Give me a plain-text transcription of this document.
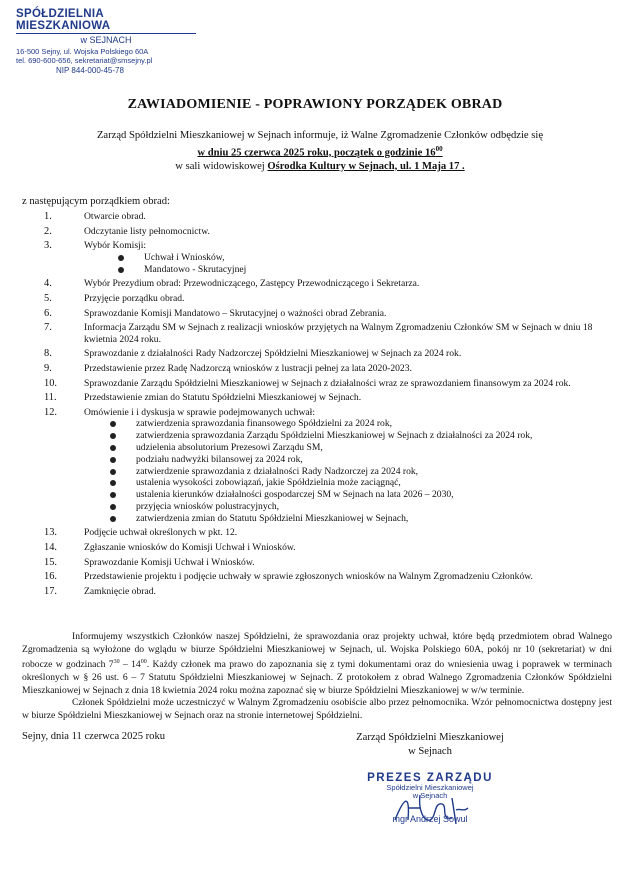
SPÓŁDZIELNIA MIESZKANIOWA
w SEJNACH
16-500 Sejny, ul. Wojska Polskiego 60A
tel. 690-600-656, sekretariat@smsejny.pl
NIP 844-000-45-78
ZAWIADOMIENIE - POPRAWIONY PORZĄDEK OBRAD
Zarząd Spółdzielni Mieszkaniowej w Sejnach informuje, iż Walne Zgromadzenie Członków odbędzie się
w dniu 25 czerwca 2025 roku, początek o godzinie $16^{00}$
w sali widowiskowej Ośrodka Kultury w Sejnach, ul. 1 Maja 17 .
z następującym porządkiem obrad:
1.	Otwarcie obrad.
2.	Odczytanie listy pełnomocnictw.
3.	Wybór Komisji:
Uchwał i Wniosków,
Mandatowo - Skrutacyjnej
4.	Wybór Prezydium obrad: Przewodniczącego, Zastępcy Przewodniczącego i Sekretarza.
5.	Przyjęcie porządku obrad.
6.	Sprawozdanie Komisji Mandatowo – Skrutacyjnej o ważności obrad Zebrania.
7.	Informacja Zarządu SM w Sejnach z realizacji wniosków przyjętych na Walnym Zgromadzeniu Członków SM w Sejnach w dniu 18 kwietnia 2024 roku.
8.	Sprawozdanie z działalności Rady Nadzorczej Spółdzielni Mieszkaniowej w Sejnach za 2024 rok.
9.	Przedstawienie przez Radę Nadzorczą wniosków z lustracji pełnej za lata 2020-2023.
10.	Sprawozdanie Zarządu Spółdzielni Mieszkaniowej w Sejnach z działalności wraz ze sprawozdaniem finansowym za 2024 rok.
11.	Przedstawienie zmian do Statutu Spółdzielni Mieszkaniowej w Sejnach.
12.	Omówienie i i dyskusja w sprawie podejmowanych uchwał:
zatwierdzenia sprawozdania finansowego Spółdzielni za 2024 rok,
zatwierdzenia sprawozdania Zarządu Spółdzielni Mieszkaniowej w Sejnach z działalności za 2024 rok,
udzielenia absolutorium Prezesowi Zarządu SM,
podziału nadwyżki bilansowej za 2024 rok,
zatwierdzenie sprawozdania z działalności Rady Nadzorczej za 2024 rok,
ustalenia wysokości zobowiązań, jakie Spółdzielnia może zaciągnąć,
ustalenia kierunków działalności gospodarczej SM w Sejnach na lata 2026 – 2030,
przyjęcia wniosków polustracyjnych,
zatwierdzenia zmian do Statutu Spółdzielni Mieszkaniowej w Sejnach,
13.	Podjęcie uchwał określonych w pkt. 12.
14.	Zgłaszanie wniosków do Komisji Uchwał i Wniosków.
15.	Sprawozdanie Komisji Uchwał i Wniosków.
16.	Przedstawienie projektu i podjęcie uchwały w sprawie zgłoszonych wniosków na Walnym Zgromadzeniu Członków.
17.	Zamknięcie obrad.

Informujemy wszystkich Członków naszej Spółdzielni, że sprawozdania oraz projekty uchwał, które będą przedmiotem obrad Walnego Zgromadzenia są wyłożone do wglądu w biurze Spółdzielni Mieszkaniowej w Sejnach, ul. Wojska Polskiego 60A, pokój nr 10 (sekretariat) w dni robocze w godzinach $7^{30} - 14^{00}$. Każdy członek ma prawo do zapoznania się z tymi dokumentami oraz do wniesienia uwag i poprawek w terminach określonych w § 26 ust. 6 – 7 Statutu Spółdzielni Mieszkaniowej w Sejnach. Z protokołem z obrad Walnego Zgromadzenia Członków Spółdzielni Mieszkaniowej w Sejnach z dnia 18 kwietnia 2024 roku można zapoznać się w biurze Spółdzielni Mieszkaniowej w w/w terminie.

Członek Spółdzielni może uczestniczyć w Walnym Zgromadzeniu osobiście albo przez pełnomocnika. Wzór pełnomocnictwa dostępny jest w biurze Spółdzielni Mieszkaniowej w Sejnach oraz na stronie internetowej Spółdzielni.

Sejny, dnia 11 czerwca 2025 roku	Zarząd Spółdzielni Mieszkaniowej
w Sejnach
PREZES ZARZĄDU
Spółdzielni Mieszkaniowej
w Sejnach
mgr Andrzej Sowul
